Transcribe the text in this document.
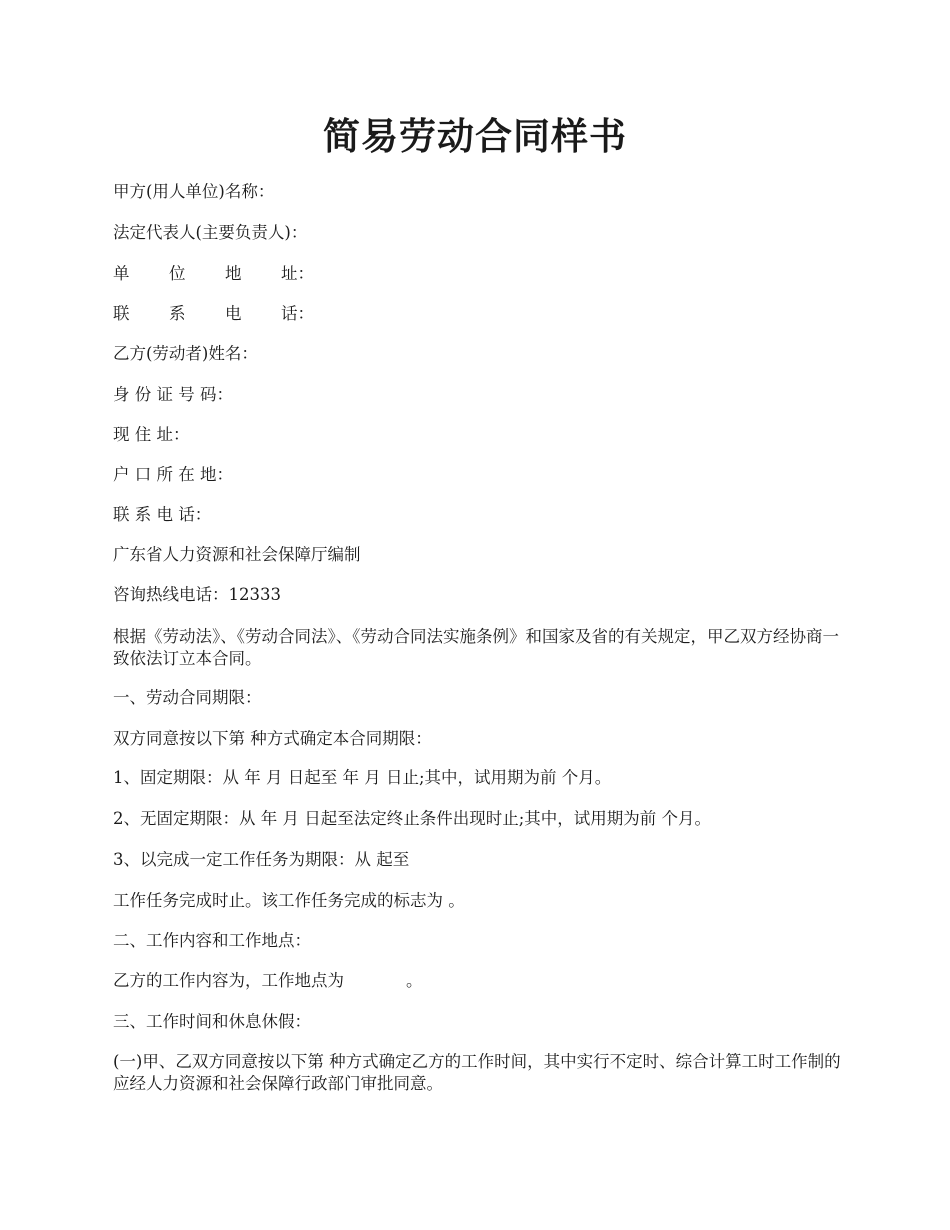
简易劳动合同样书
甲方(用人单位)名称：
法定代表人(主要负责人)：
单 位 地 址：
联 系 电 话：
乙方(劳动者)姓名：
身 份 证 号 码：
现 住 址：
户 口 所 在 地：
联 系 电 话：
广东省人力资源和社会保障厅编制
咨询热线电话：12333
根据《劳动法》、《劳动合同法》、《劳动合同法实施条例》和国家及省的有关规定，甲乙双方经协商一致依法订立本合同。
一、劳动合同期限：
双方同意按以下第 种方式确定本合同期限：
1、固定期限：从 年 月 日起至 年 月 日止;其中，试用期为前 个月。
2、无固定期限：从 年 月 日起至法定终止条件出现时止;其中，试用期为前 个月。
3、以完成一定工作任务为期限：从 起至
工作任务完成时止。该工作任务完成的标志为 。
二、工作内容和工作地点：
乙方的工作内容为，工作地点为	。
三、工作时间和休息休假：
(一)甲、乙双方同意按以下第 种方式确定乙方的工作时间，其中实行不定时、综合计算工时工作制的应经人力资源和社会保障行政部门审批同意。
